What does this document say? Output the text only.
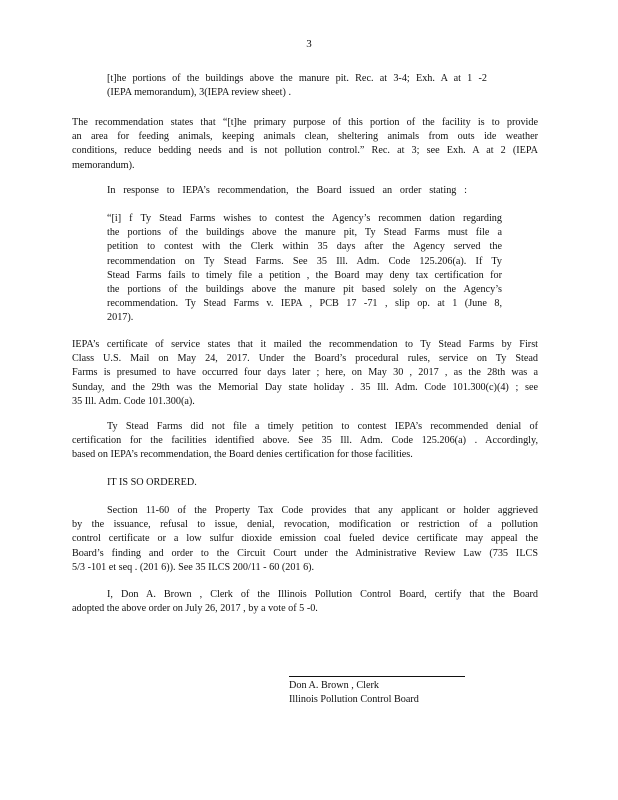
3

[t]he portions of the buildings above the manure pit. Rec. at 3-4; Exh. A at 1 -2
(IEPA memorandum), 3(IEPA review sheet) .

The recommendation states that “[t]he primary purpose of this portion of the facility is to provide
an area for feeding animals, keeping animals clean, sheltering animals from outs ide weather
conditions, reduce bedding needs and is not pollution control.” Rec. at 3; see Exh. A at 2 (IEPA
memorandum).

In response to IEPA’s recommendation, the Board issued an order stating :

“[i] f Ty Stead Farms wishes to contest the Agency’s recommen dation regarding
the portions of the buildings above the manure pit, Ty Stead Farms must file a
petition to contest with the Clerk within 35 days after the Agency served the
recommendation on Ty Stead Farms. See 35 Ill. Adm. Code 125.206(a). If Ty
Stead Farms fails to timely file a petition , the Board may deny tax certification for
the portions of the buildings above the manure pit based solely on the Agency’s
recommendation. Ty Stead Farms v. IEPA , PCB 17 -71 , slip op. at 1 (June 8,
2017).

IEPA’s certificate of service states that it mailed the recommendation to Ty Stead Farms by First
Class U.S. Mail on May 24, 2017. Under the Board’s procedural rules, service on Ty Stead
Farms is presumed to have occurred four days later ; here, on May 30 , 2017 , as the 28th was a
Sunday, and the 29th was the Memorial Day state holiday . 35 Ill. Adm. Code 101.300(c)(4) ; see
35 Ill. Adm. Code 101.300(a).

Ty Stead Farms did not file a timely petition to contest IEPA’s recommended denial of
certification for the facilities identified above. See 35 Ill. Adm. Code 125.206(a) . Accordingly,
based on IEPA’s recommendation, the Board denies certification for those facilities.

IT IS SO ORDERED.

Section 11-60 of the Property Tax Code provides that any applicant or holder aggrieved
by the issuance, refusal to issue, denial, revocation, modification or restriction of a pollution
control certificate or a low sulfur dioxide emission coal fueled device certificate may appeal the
Board’s finding and order to the Circuit Court under the Administrative Review Law (735 ILCS
5/3 -101 et seq . (201 6)). See 35 ILCS 200/11 - 60 (201 6).

I, Don A. Brown , Clerk of the Illinois Pollution Control Board, certify that the Board
adopted the above order on July 26, 2017 , by a vote of 5 -0.

Don A. Brown , Clerk
Illinois Pollution Control Board
